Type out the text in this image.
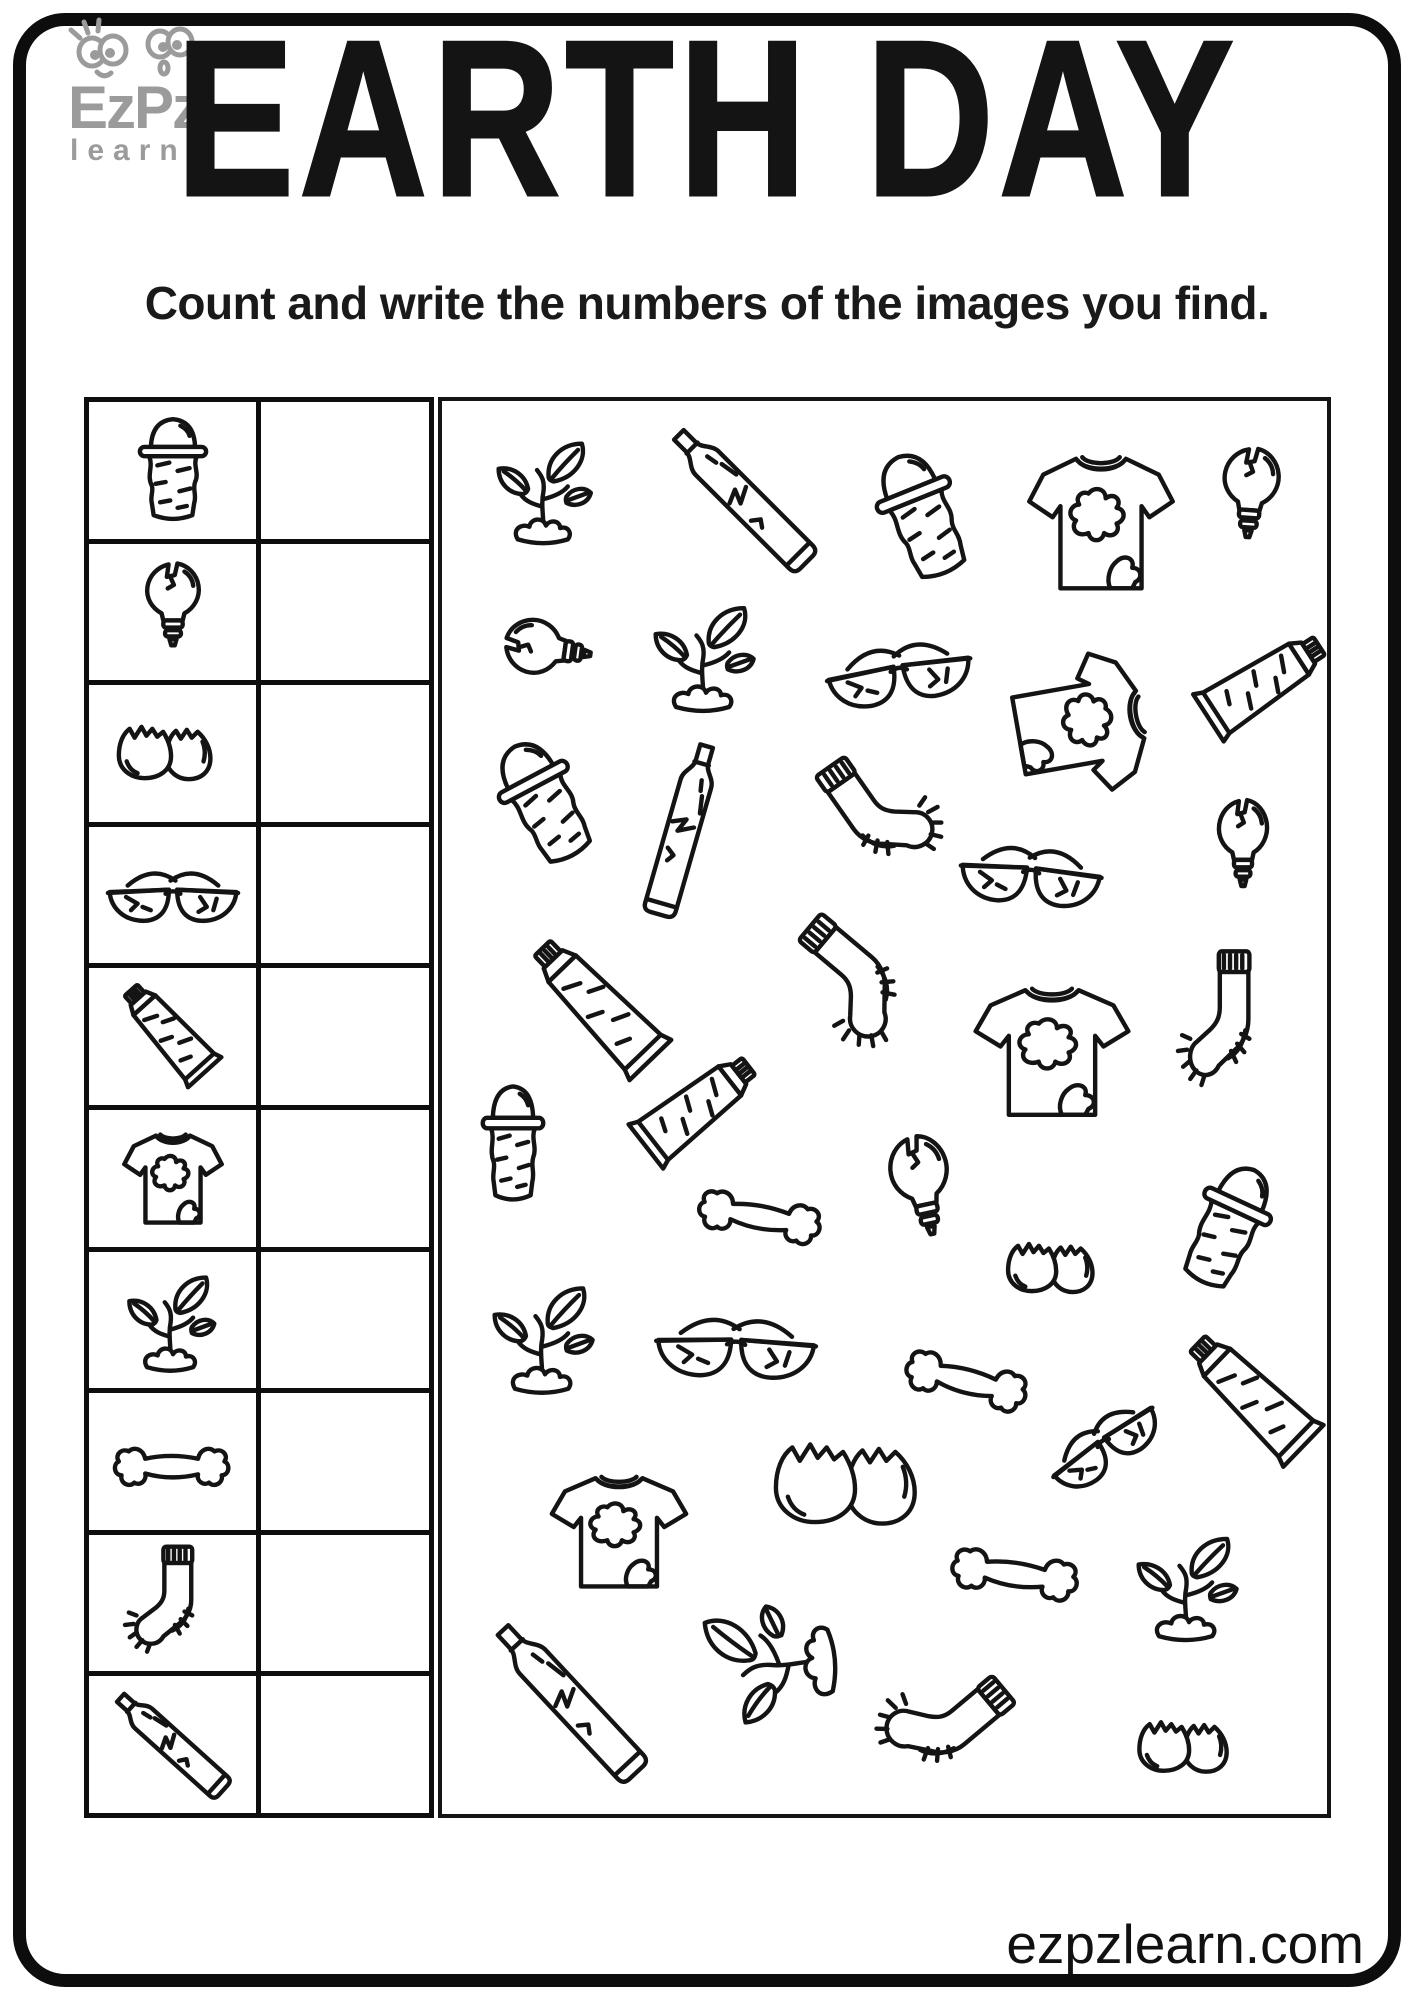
EzPz
learn
EARTH DAY
Count and write the numbers of the images you find.
ezpzlearn.com
